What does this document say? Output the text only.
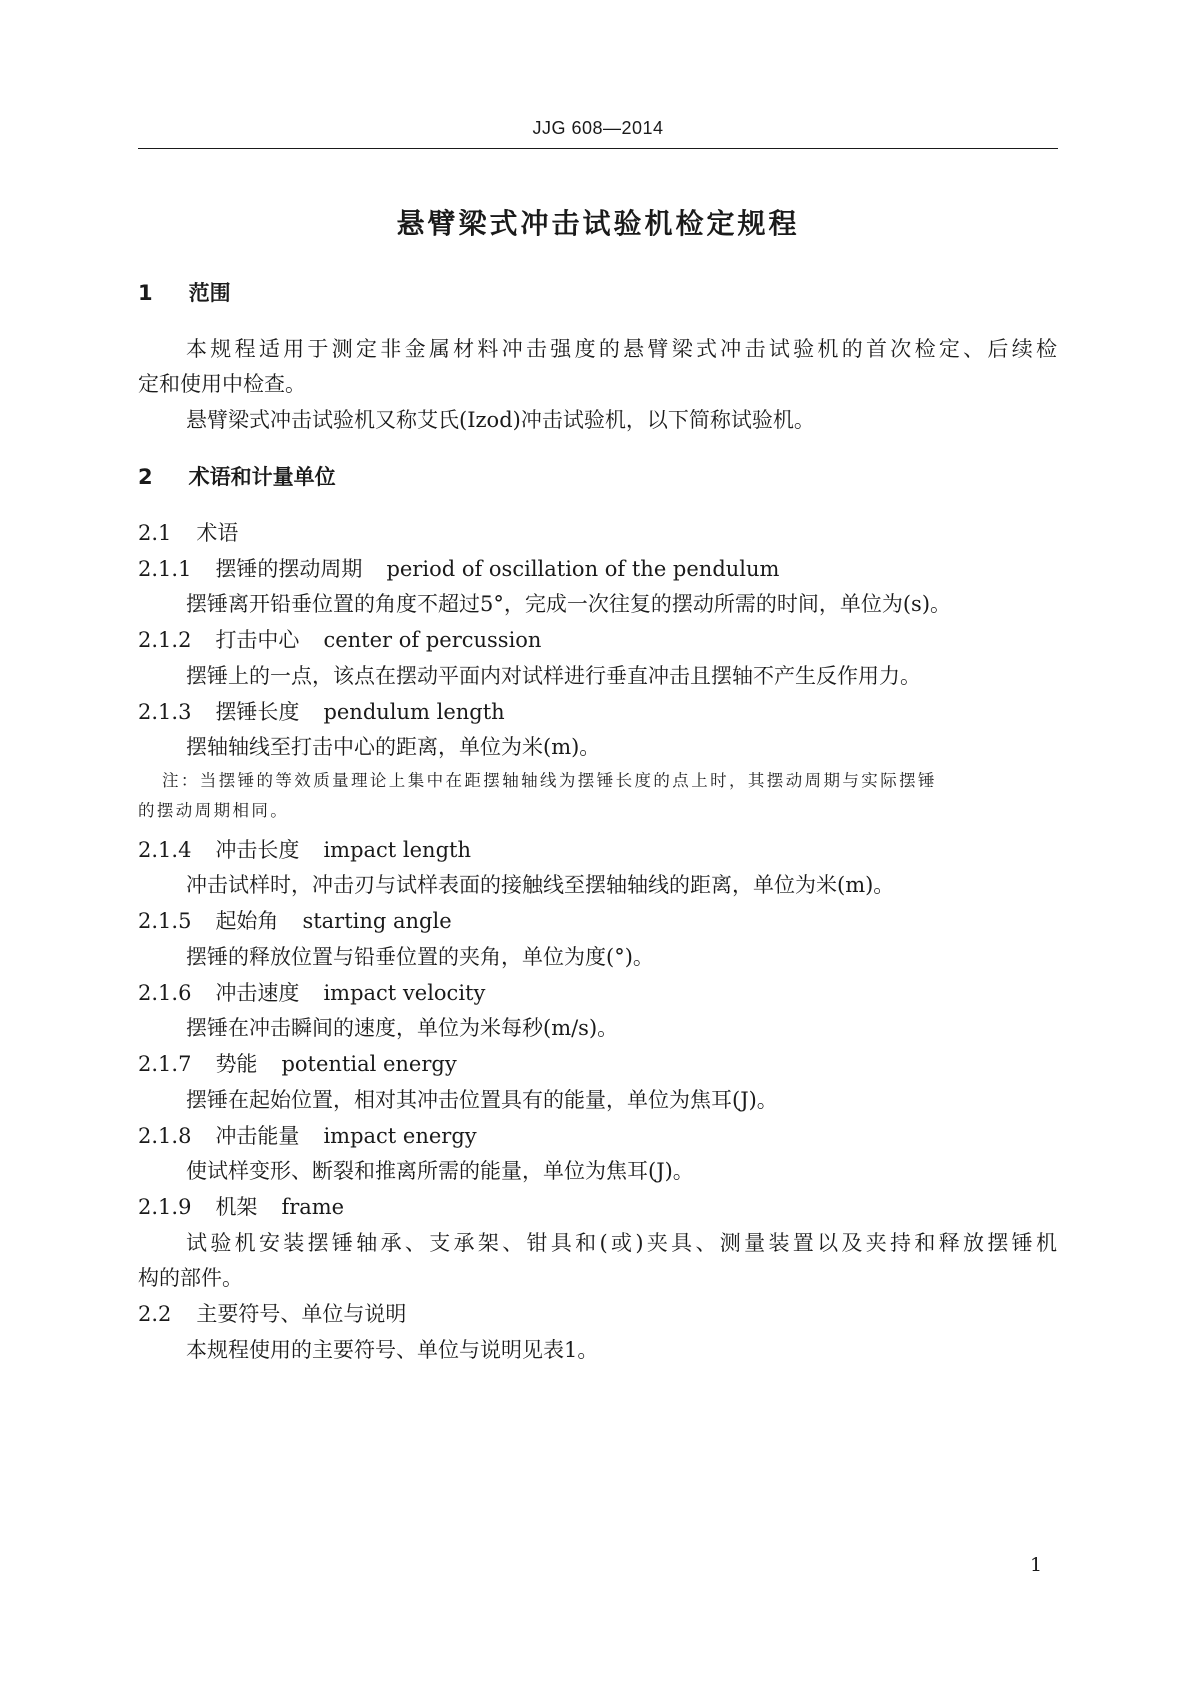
JJG 608—2014
悬臂梁式冲击试验机检定规程
1 范围
本规程适用于测定非金属材料冲击强度的悬臂梁式冲击试验机的首次检定、后续检
定和使用中检查。
悬臂梁式冲击试验机又称艾氏(Izod)冲击试验机，以下简称试验机。
2 术语和计量单位
2.1 术语
2.1.1 摆锤的摆动周期 period of oscillation of the pendulum
摆锤离开铅垂位置的角度不超过5°，完成一次往复的摆动所需的时间，单位为(s)。
2.1.2 打击中心 center of percussion
摆锤上的一点，该点在摆动平面内对试样进行垂直冲击且摆轴不产生反作用力。
2.1.3 摆锤长度 pendulum length
摆轴轴线至打击中心的距离，单位为米(m)。
注：当摆锤的等效质量理论上集中在距摆轴轴线为摆锤长度的点上时，其摆动周期与实际摆锤
的摆动周期相同。
2.1.4 冲击长度 impact length
冲击试样时，冲击刃与试样表面的接触线至摆轴轴线的距离，单位为米(m)。
2.1.5 起始角 starting angle
摆锤的释放位置与铅垂位置的夹角，单位为度(°)。
2.1.6 冲击速度 impact velocity
摆锤在冲击瞬间的速度，单位为米每秒(m/s)。
2.1.7 势能 potential energy
摆锤在起始位置，相对其冲击位置具有的能量，单位为焦耳(J)。
2.1.8 冲击能量 impact energy
使试样变形、断裂和推离所需的能量，单位为焦耳(J)。
2.1.9 机架 frame
试验机安装摆锤轴承、支承架、钳具和(或)夹具、测量装置以及夹持和释放摆锤机
构的部件。
2.2 主要符号、单位与说明
本规程使用的主要符号、单位与说明见表1。
1
